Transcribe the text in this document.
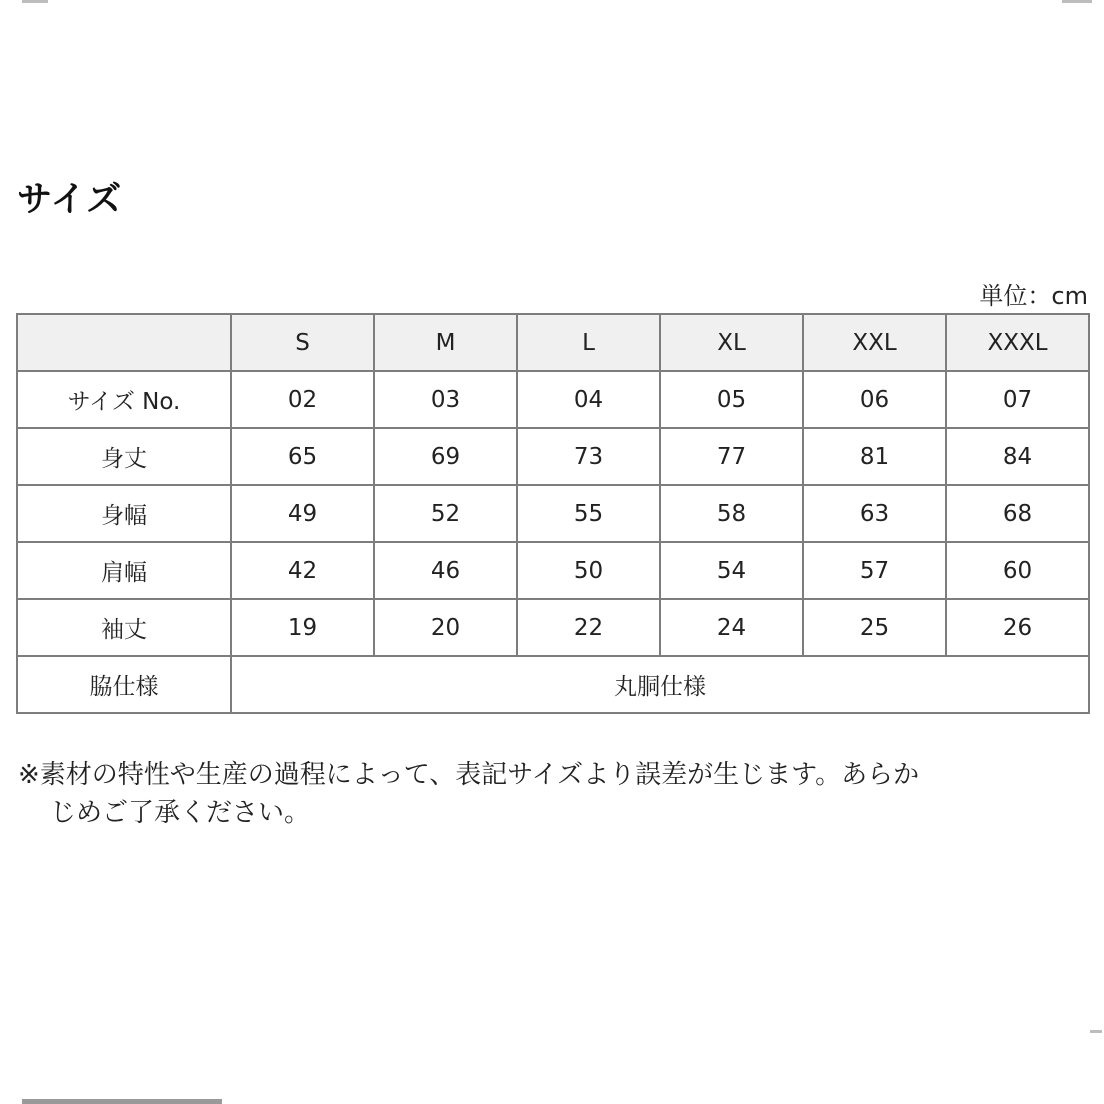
サイズ
単位：cm
	S	M	L	XL	XXL	XXXL
サイズ No.	02	03	04	05	06	07
身丈	65	69	73	77	81	84
身幅	49	52	55	58	63	68
肩幅	42	46	50	54	57	60
袖丈	19	20	22	24	25	26
脇仕様	丸胴仕様					
※素材の特性や生産の過程によって、表記サイズより誤差が生じます。あらか
じめご了承ください。
